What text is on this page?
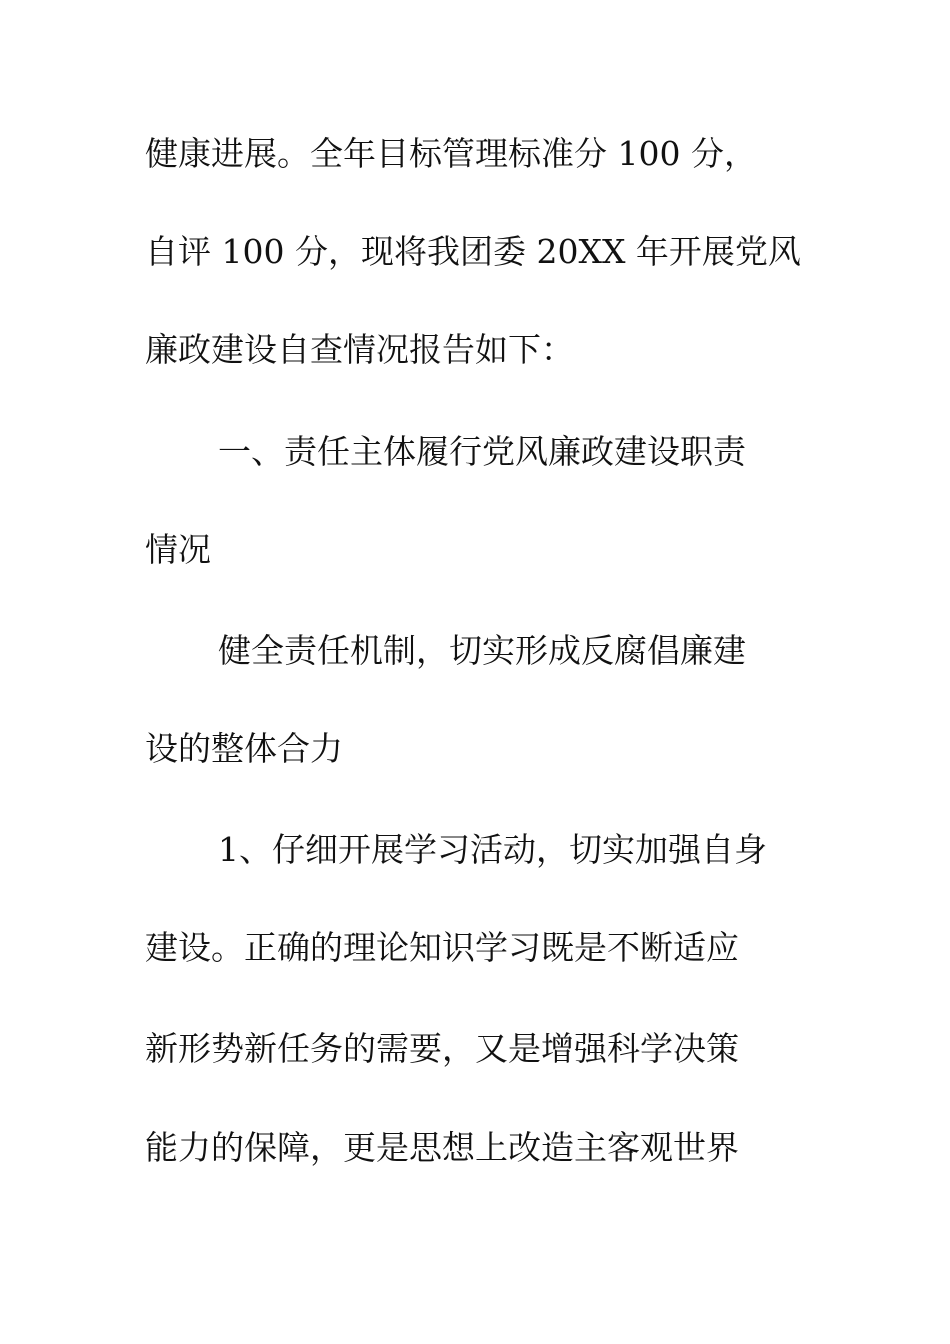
健康进展。全年目标管理标准分 100 分，
自评 100 分，现将我团委 20XX 年开展党风
廉政建设自查情况报告如下：
一、责任主体履行党风廉政建设职责
情况
健全责任机制，切实形成反腐倡廉建
设的整体合力
1、仔细开展学习活动，切实加强自身
建设。正确的理论知识学习既是不断适应
新形势新任务的需要，又是增强科学决策
能力的保障，更是思想上改造主客观世界
